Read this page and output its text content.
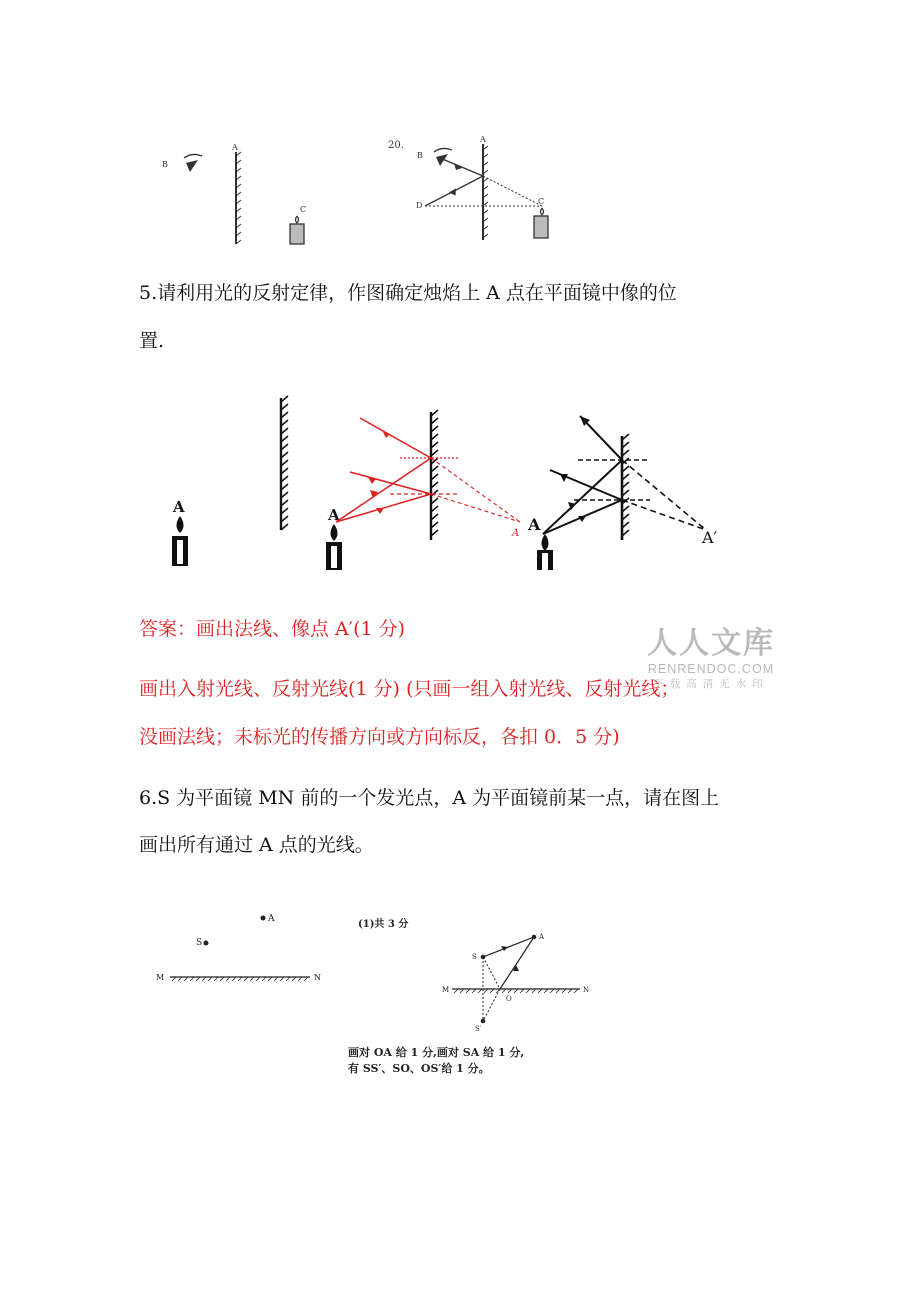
B
A
C
20.
A
B
D	C
5.请利用光的反射定律，作图确定烛焰上 A 点在平面镜中像的位
置.
A	A
A A
A′
答案：画出法线、像点 A′(1 分)
画出入射光线、反射光线(1 分) (只画一组入射光线、反射光线；
没画法线；未标光的传播方向或方向标反，各扣 0．5 分)
人人文库
RENRENDOC.COM
下载高清无水印
6.S 为平面镜 MN 前的一个发光点，A 为平面镜前某一点，请在图上
画出所有通过 A 点的光线。
A
S
M	N
(1)共 3 分
S
A
M	N
O
S′
画对 OA 给 1 分,画对 SA 给 1 分,
有 SS′、SO、OS′给 1 分。
